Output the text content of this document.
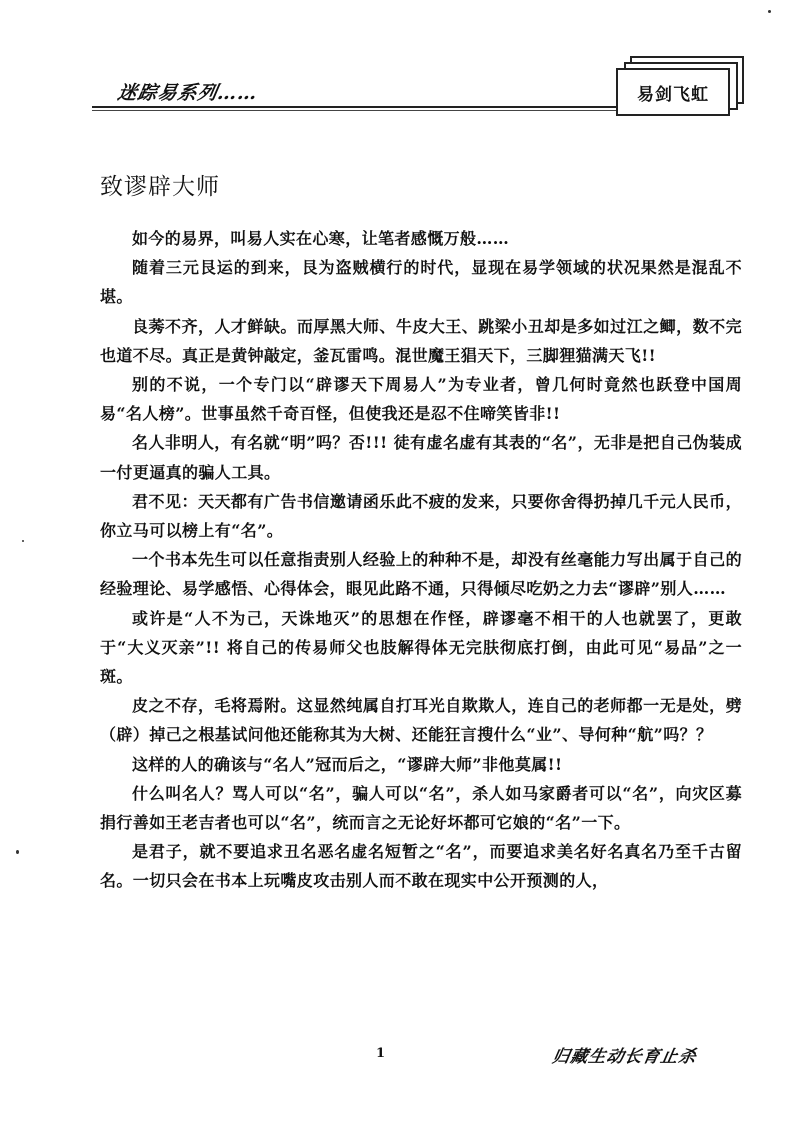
迷踪易系列……	易剑飞虹
致谬辟大师

如今的易界，叫易人实在心寒，让笔者感慨万般……

随着三元艮运的到来，艮为盗贼横行的时代，显现在易学领域的状况果然是混乱不堪。

良莠不齐，人才鲜缺。而厚黑大师、牛皮大王、跳梁小丑却是多如过江之鲫，数不完也道不尽。真正是黄钟敲定，釜瓦雷鸣。混世魔王猖天下，三脚狸猫满天飞!!

别的不说，一个专门以“辟谬天下周易人”为专业者，曾几何时竟然也跃登中国周易“名人榜”。世事虽然千奇百怪，但使我还是忍不住啼笑皆非!!

名人非明人，有名就“明”吗？否!!! 徒有虚名虚有其表的“名”，无非是把自己伪装成一付更逼真的骗人工具。

君不见：天天都有广告书信邀请函乐此不疲的发来，只要你舍得扔掉几千元人民币，你立马可以榜上有“名”。

一个书本先生可以任意指责别人经验上的种种不是，却没有丝毫能力写出属于自己的经验理论、易学感悟、心得体会，眼见此路不通，只得倾尽吃奶之力去“谬辟”别人……

或许是“人不为己，天诛地灭”的思想在作怪，辟谬毫不相干的人也就罢了，更敢于“大义灭亲”!! 将自己的传易师父也肢解得体无完肤彻底打倒，由此可见“易品”之一斑。

皮之不存，毛将焉附。这显然纯属自打耳光自欺欺人，连自己的老师都一无是处，劈（辟）掉己之根基试问他还能称其为大树、还能狂言搜什么“业”、导何种“航”吗？？

这样的人的确该与“名人”冠而后之，“谬辟大师”非他莫属!!

什么叫名人？骂人可以“名”，骗人可以“名”，杀人如马家爵者可以“名”，向灾区募捐行善如王老吉者也可以“名”，统而言之无论好坏都可它娘的“名”一下。

是君子，就不要追求丑名恶名虚名短暂之“名”，而要追求美名好名真名乃至千古留名。一切只会在书本上玩嘴皮攻击别人而不敢在现实中公开预测的人，

1	归藏生动长育止杀
